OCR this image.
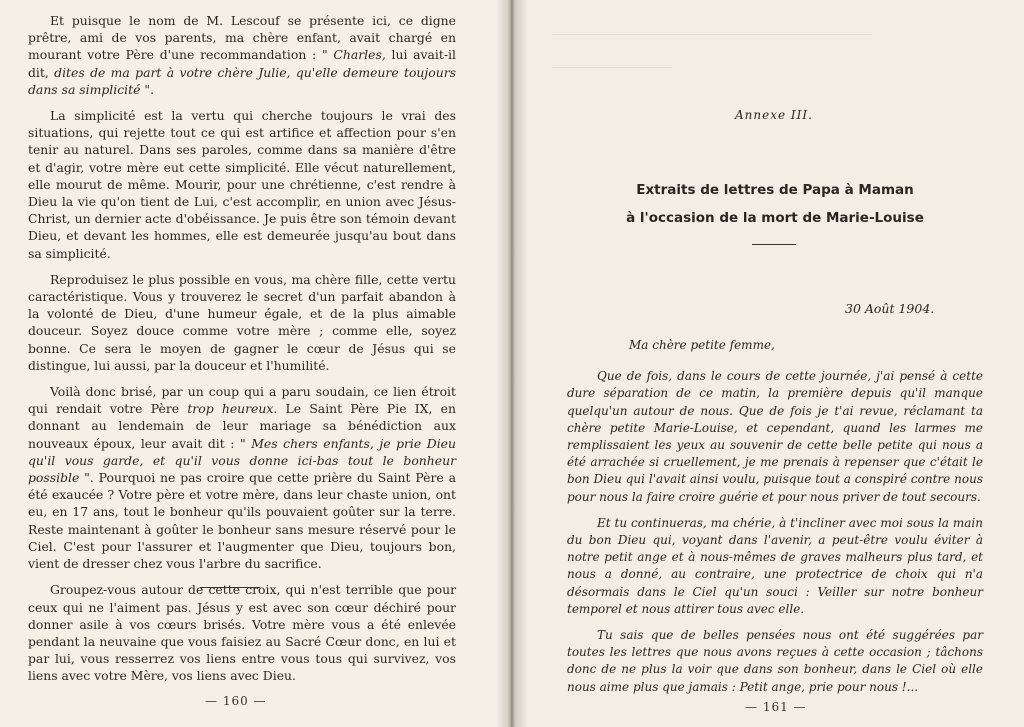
Et puisque le nom de M. Lescouf se présente ici, ce digne prêtre, ami de vos parents, ma chère enfant, avait chargé en mourant votre Père d'une recommandation : " Charles, lui avait-il dit, dites de ma part à votre chère Julie, qu'elle demeure toujours dans sa simplicité ".

La simplicité est la vertu qui cherche toujours le vrai des situations, qui rejette tout ce qui est artifice et affection pour s'en tenir au naturel. Dans ses paroles, comme dans sa manière d'être et d'agir, votre mère eut cette simplicité. Elle vécut naturellement, elle mourut de même. Mourir, pour une chrétienne, c'est rendre à Dieu la vie qu'on tient de Lui, c'est accomplir, en union avec Jésus-Christ, un dernier acte d'obéissance. Je puis être son témoin devant Dieu, et devant les hommes, elle est demeurée jusqu'au bout dans sa simplicité.

Reproduisez le plus possible en vous, ma chère fille, cette vertu caractéristique. Vous y trouverez le secret d'un parfait abandon à la volonté de Dieu, d'une humeur égale, et de la plus aimable douceur. Soyez douce comme votre mère ; comme elle, soyez bonne. Ce sera le moyen de gagner le cœur de Jésus qui se distingue, lui aussi, par la douceur et l'humilité.

Voilà donc brisé, par un coup qui a paru soudain, ce lien étroit qui rendait votre Père trop heureux. Le Saint Père Pie IX, en donnant au lendemain de leur mariage sa bénédiction aux nouveaux époux, leur avait dit : " Mes chers enfants, je prie Dieu qu'il vous garde, et qu'il vous donne ici-bas tout le bonheur possible ". Pourquoi ne pas croire que cette prière du Saint Père a été exaucée ? Votre père et votre mère, dans leur chaste union, ont eu, en 17 ans, tout le bonheur qu'ils pouvaient goûter sur la terre. Reste maintenant à goûter le bonheur sans mesure réservé pour le Ciel. C'est pour l'assurer et l'augmenter que Dieu, toujours bon, vient de dresser chez vous l'arbre du sacrifice.

Groupez-vous autour de cette croix, qui n'est terrible que pour ceux qui ne l'aiment pas. Jésus y est avec son cœur déchiré pour donner asile à vos cœurs brisés. Votre mère vous a été enlevée pendant la neuvaine que vous faisiez au Sacré Cœur donc, en lui et par lui, vous resserrez vos liens entre vous tous qui survivez, vos liens avec votre Mère, vos liens avec Dieu.

— 160 —
Annexe III.
Extraits de lettres de Papa à Maman
à l'occasion de la mort de Marie-Louise
30 Août 1904.

Ma chère petite femme,

Que de fois, dans le cours de cette journée, j'ai pensé à cette dure séparation de ce matin, la première depuis qu'il manque quelqu'un autour de nous. Que de fois je t'ai revue, réclamant ta chère petite Marie-Louise, et cependant, quand les larmes me remplissaient les yeux au souvenir de cette belle petite qui nous a été arrachée si cruellement, je me prenais à repenser que c'était le bon Dieu qui l'avait ainsi voulu, puisque tout a conspiré contre nous pour nous la faire croire guérie et pour nous priver de tout secours.

Et tu continueras, ma chérie, à t'incliner avec moi sous la main du bon Dieu qui, voyant dans l'avenir, a peut-être voulu éviter à notre petit ange et à nous-mêmes de graves malheurs plus tard, et nous a donné, au contraire, une protectrice de choix qui n'a désormais dans le Ciel qu'un souci : Veiller sur notre bonheur temporel et nous attirer tous avec elle.

Tu sais que de belles pensées nous ont été suggérées par toutes les lettres que nous avons reçues à cette occasion ; tâchons donc de ne plus la voir que dans son bonheur, dans le Ciel où elle nous aime plus que jamais : Petit ange, prie pour nous !...

— 161 —
